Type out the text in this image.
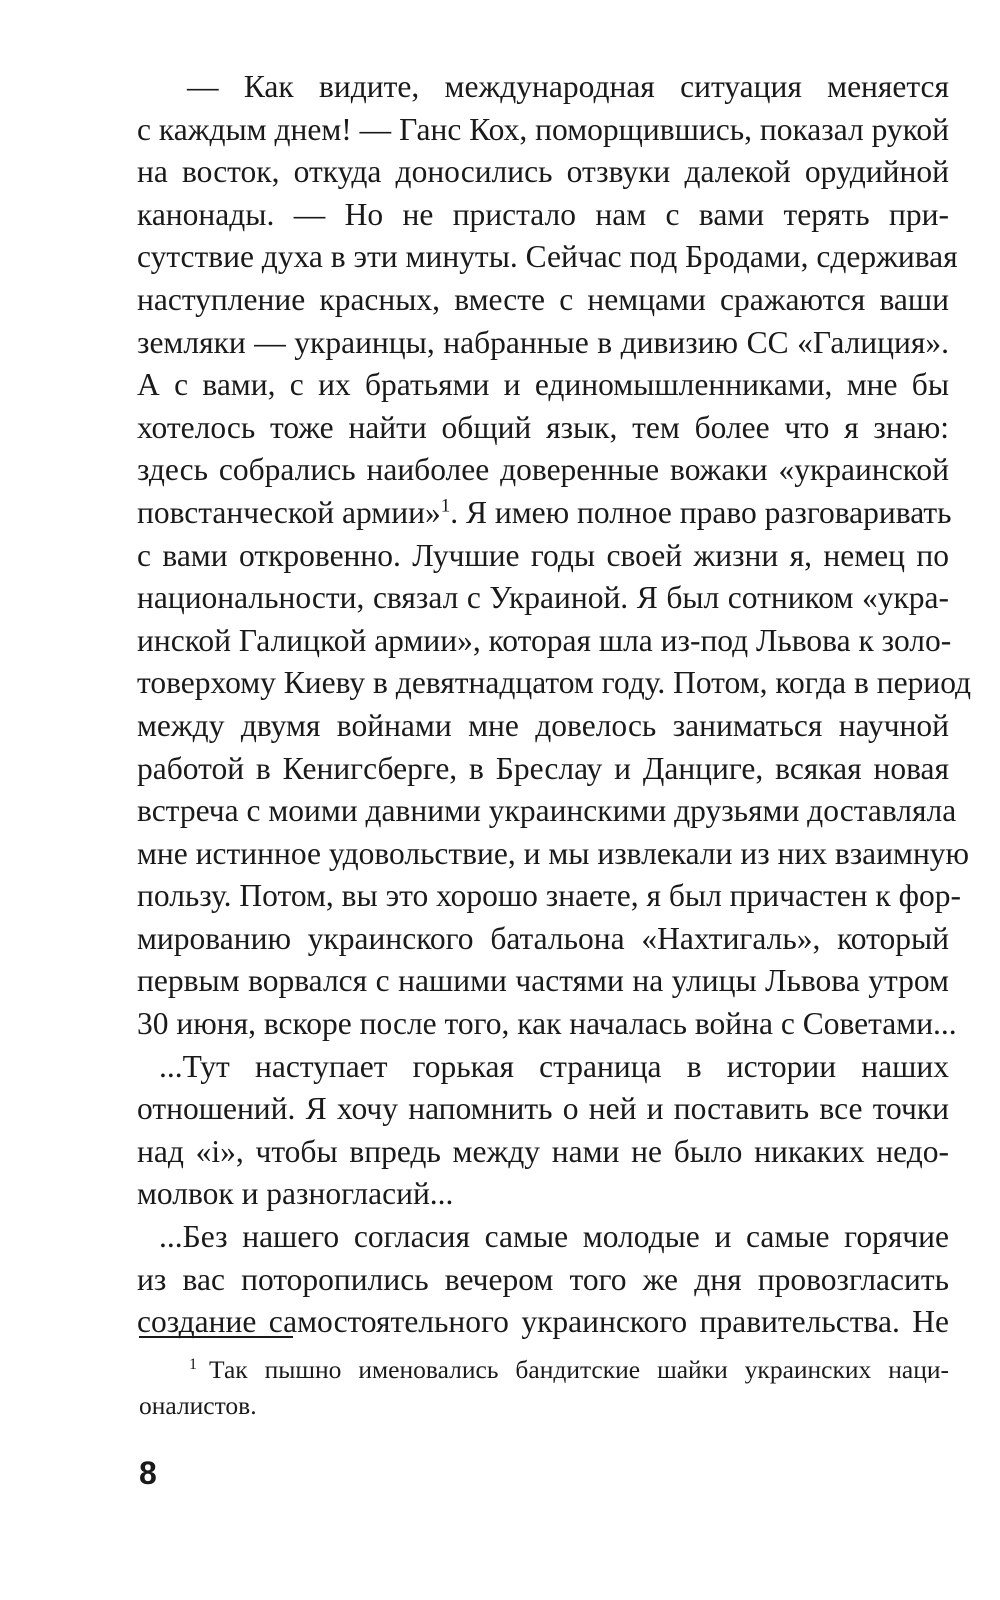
— Как видите, международная ситуация меняется
с каждым днем! — Ганс Кох, поморщившись, показал рукой
на восток, откуда доносились отзвуки далекой орудийной
канонады. — Но не пристало нам с вами терять при-
сутствие духа в эти минуты. Сейчас под Бродами, сдерживая
наступление красных, вместе с немцами сражаются ваши
земляки — украинцы, набранные в дивизию СС «Галиция».
А с вами, с их братьями и единомышленниками, мне бы
хотелось тоже найти общий язык, тем более что я знаю:
здесь собрались наиболее доверенные вожаки «украинской
повстанческой армии»$^1$. Я имею полное право разговаривать
с вами откровенно. Лучшие годы своей жизни я, немец по
национальности, связал с Украиной. Я был сотником «укра-
инской Галицкой армии», которая шла из-под Львова к золо-
товерхому Киеву в девятнадцатом году. Потом, когда в период
между двумя войнами мне довелось заниматься научной
работой в Кенигсберге, в Бреслау и Данциге, всякая новая
встреча с моими давними украинскими друзьями доставляла
мне истинное удовольствие, и мы извлекали из них взаимную
пользу. Потом, вы это хорошо знаете, я был причастен к фор-
мированию украинского батальона «Нахтигаль», который
первым ворвался с нашими частями на улицы Львова утром
30 июня, вскоре после того, как началась война с Советами...
...Тут наступает горькая страница в истории наших
отношений. Я хочу напомнить о ней и поставить все точки
над «і», чтобы впредь между нами не было никаких недо-
молвок и разногласий...
...Без нашего согласия самые молодые и самые горячие
из вас поторопились вечером того же дня провозгласить
создание самостоятельного украинского правительства. Не
$^1$ Так пышно именовались бандитские шайки украинских наци-
оналистов.
8
